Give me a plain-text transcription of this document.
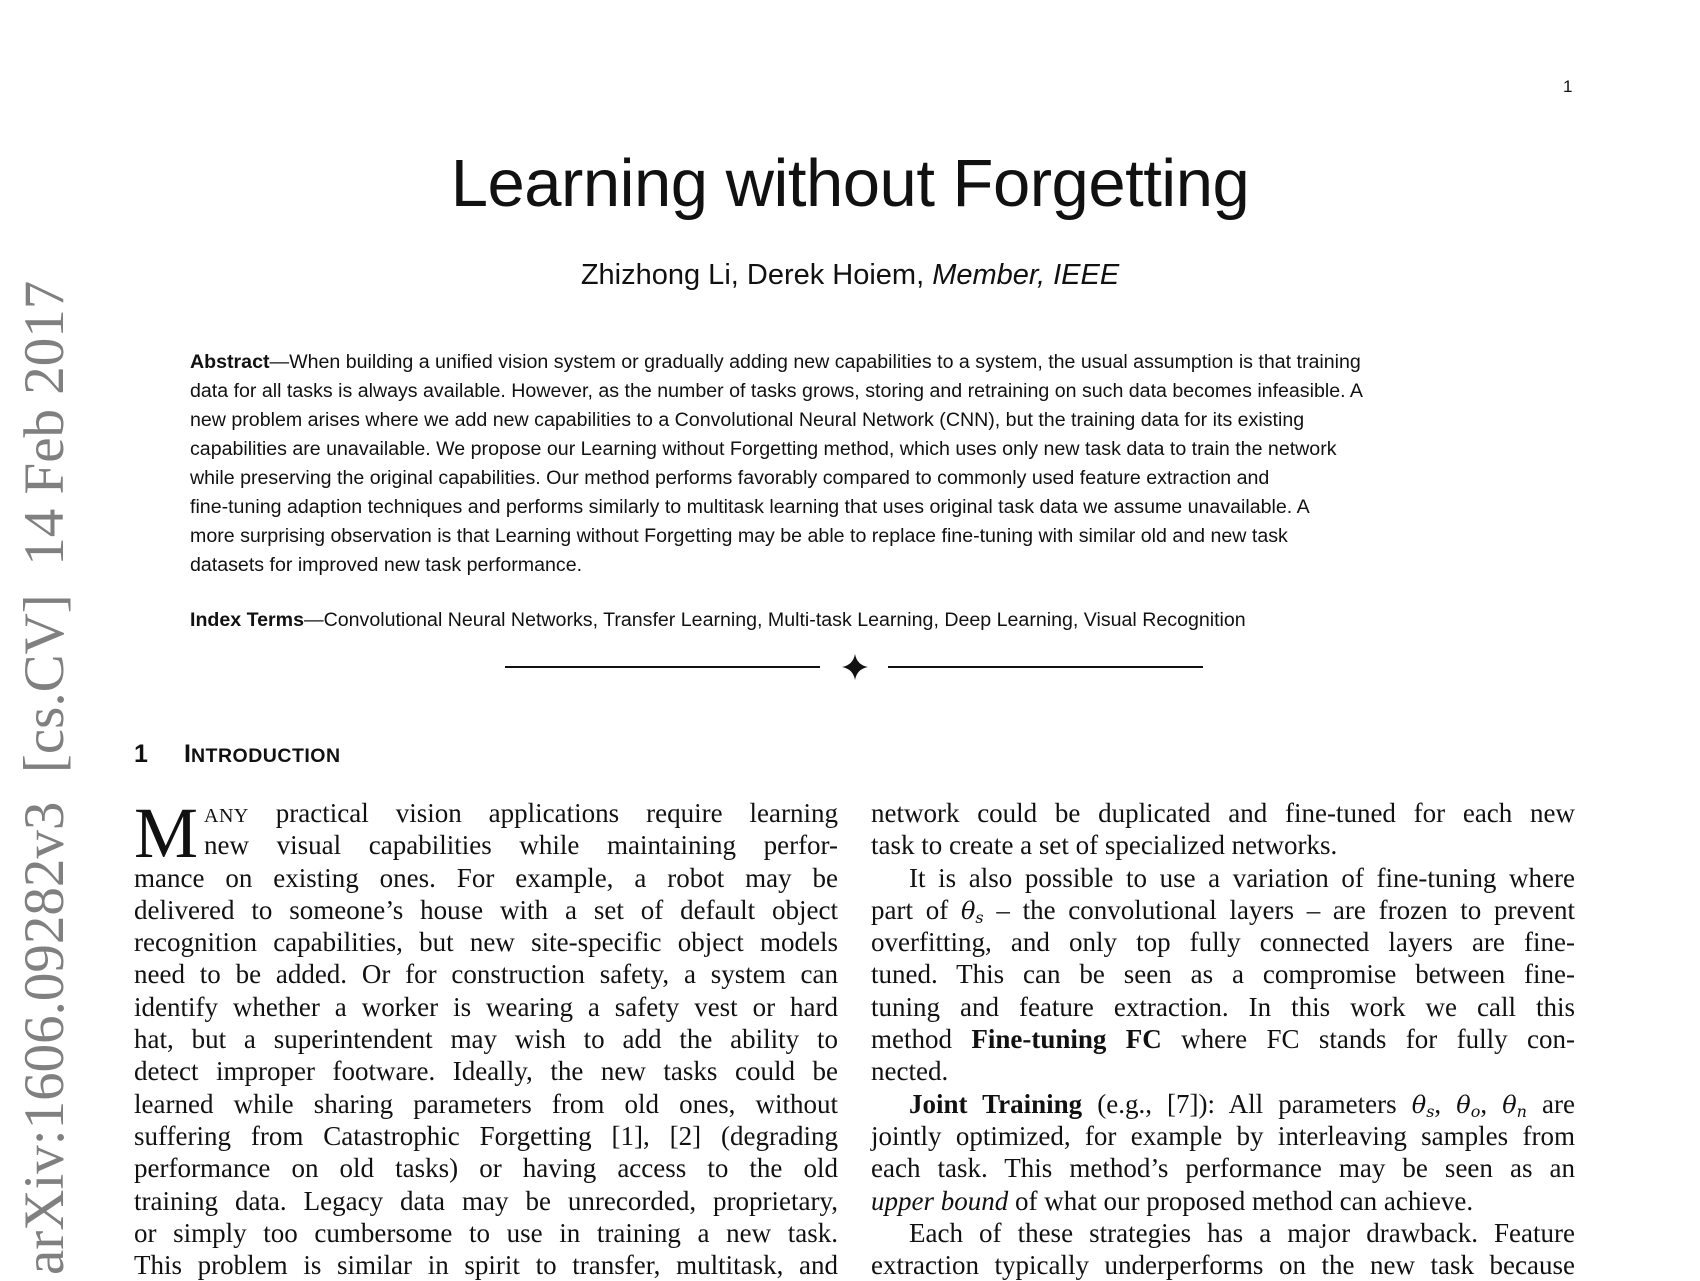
1
Learning without Forgetting
Zhizhong Li, Derek Hoiem, Member, IEEE
Abstract—When building a unified vision system or gradually adding new capabilities to a system, the usual assumption is that training
data for all tasks is always available. However, as the number of tasks grows, storing and retraining on such data becomes infeasible. A
new problem arises where we add new capabilities to a Convolutional Neural Network (CNN), but the training data for its existing
capabilities are unavailable. We propose our Learning without Forgetting method, which uses only new task data to train the network
while preserving the original capabilities. Our method performs favorably compared to commonly used feature extraction and
fine-tuning adaption techniques and performs similarly to multitask learning that uses original task data we assume unavailable. A
more surprising observation is that Learning without Forgetting may be able to replace fine-tuning with similar old and new task
datasets for improved new task performance.
Index Terms—Convolutional Neural Networks, Transfer Learning, Multi-task Learning, Deep Learning, Visual Recognition
1 INTRODUCTION
M ANY practical vision applications require learning
new visual capabilities while maintaining perfor-
mance on existing ones. For example, a robot may be
delivered to someone’s house with a set of default object
recognition capabilities, but new site-specific object models
need to be added. Or for construction safety, a system can
identify whether a worker is wearing a safety vest or hard
hat, but a superintendent may wish to add the ability to
detect improper footware. Ideally, the new tasks could be
learned while sharing parameters from old ones, without
suffering from Catastrophic Forgetting [1], [2] (degrading
performance on old tasks) or having access to the old
training data. Legacy data may be unrecorded, proprietary,
or simply too cumbersome to use in training a new task.
This problem is similar in spirit to transfer, multitask, and
network could be duplicated and fine-tuned for each new
task to create a set of specialized networks.
It is also possible to use a variation of fine-tuning where
part of $\theta_s$ – the convolutional layers – are frozen to prevent
overfitting, and only top fully connected layers are fine-
tuned. This can be seen as a compromise between fine-
tuning and feature extraction. In this work we call this
method Fine-tuning FC where FC stands for fully con-
nected.
Joint Training (e.g., [7]): All parameters $\theta_s$, $\theta_o$, $\theta_n$ are
jointly optimized, for example by interleaving samples from
each task. This method’s performance may be seen as an
upper bound of what our proposed method can achieve.
Each of these strategies has a major drawback. Feature
extraction typically underperforms on the new task because
arXiv:1606.09282v3  [cs.CV]  14 Feb 2017
